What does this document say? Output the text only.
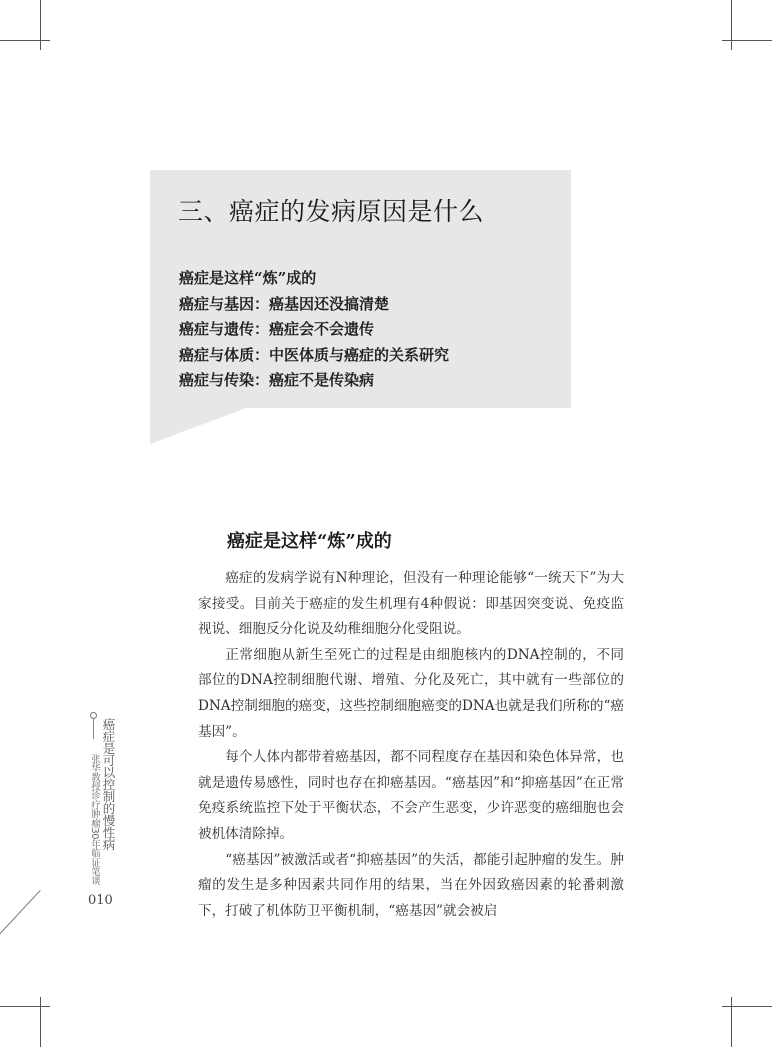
三、癌症的发病原因是什么
癌症是这样“炼”成的
癌症与基因：癌基因还没搞清楚
癌症与遗传：癌症会不会遗传
癌症与体质：中医体质与癌症的关系研究
癌症与传染：癌症不是传染病
癌症是这样“炼”成的

癌症的发病学说有N种理论，但没有一种理论能够“一统天下”为大家接受。目前关于癌症的发生机理有4种假说：即基因突变说、免疫监视说、细胞反分化说及幼稚细胞分化受阻说。

正常细胞从新生至死亡的过程是由细胞核内的DNA控制的，不同部位的DNA控制细胞代谢、增殖、分化及死亡，其中就有一些部位的DNA控制细胞的癌变，这些控制细胞癌变的DNA也就是我们所称的“癌基因”。

每个人体内都带着癌基因，都不同程度存在基因和染色体异常，也就是遗传易感性，同时也存在抑癌基因。“癌基因”和“抑癌基因”在正常免疫系统监控下处于平衡状态，不会产生恶变，少许恶变的癌细胞也会被机体清除掉。

“癌基因”被激活或者“抑癌基因”的失活，都能引起肿瘤的发生。肿瘤的发生是多种因素共同作用的结果，当在外因致癌因素的轮番刺激下，打破了机体防卫平衡机制，“癌基因”就会被启

癌症是可以控制的慢性病
张华教授诊疗肿瘤30年临证笔谈
010
